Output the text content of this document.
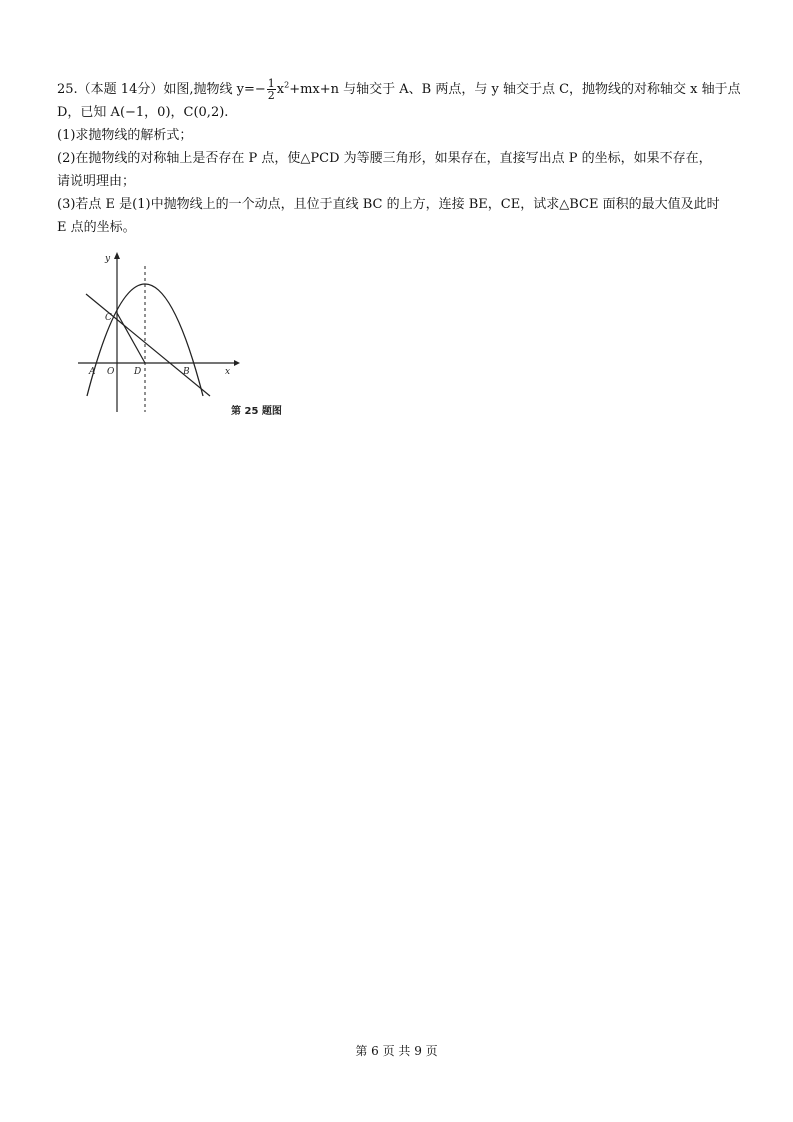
25.（本题 14分）如图,抛物线 $y=- \frac{1}{2} x^2+mx+n$ 与轴交于 A、B 两点，与 y 轴交于点 C，抛物线的对称轴交 x 轴于点
D，已知 A(−1，0)，C(0,2).
(1)求抛物线的解析式；
(2)在抛物线的对称轴上是否存在 P 点，使△PCD 为等腰三角形，如果存在，直接写出点 P 的坐标，如果不存在，
请说明理由；
(3)若点 E 是(1)中抛物线上的一个动点，且位于直线 BC 的上方，连接 BE，CE，试求△BCE 面积的最大值及此时
E 点的坐标。
y
x
C
A O D	B
第 25 题图
第 6 页 共 9 页
